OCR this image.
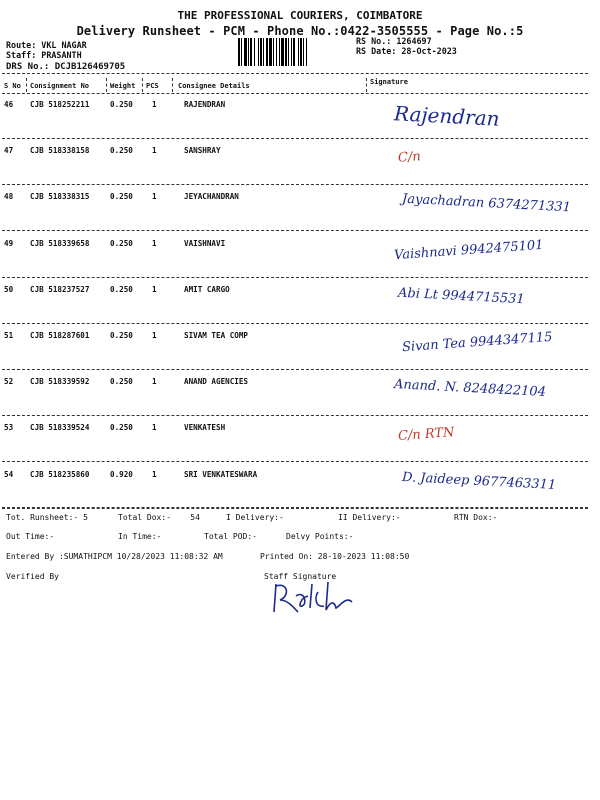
THE PROFESSIONAL COURIERS, COIMBATORE
Delivery Runsheet - PCM - Phone No.:0422-3505555 - Page No.:5
Route: VKL NAGAR
Staff: PRASANTH
DRS No.: DCJB126469705
RS No.: 1264697
RS Date: 28-Oct-2023
S No Consignment No	Weight PCS	Consignee Details	Signature
46 CJB 518252211	0.250	1	RAJENDRAN	Rajendran
47 CJB 518338158	0.250	1	SANSHRAY	C/n
48 CJB 518338315	0.250	1	JEYACHANDRAN	Jayachadran 6374271331
49 CJB 518339658	0.250	1	VAISHNAVI	Vaishnavi 9942475101
50 CJB 518237527	0.250	1	AMIT CARGO	Abi Lt 9944715531
51 CJB 518287601	0.250	1	SIVAM TEA COMP	Sivan Tea 9944347115
52 CJB 518339592	0.250	1	ANAND AGENCIES	Anand. N. 8248422104
53 CJB 518339524	0.250	1	VENKATESH	C/n RTN
54 CJB 518235860	0.920	1	SRI VENKATESWARA	D. Jaideep 9677463311
Tot. Runsheet:- 5	Total Dox:-    54	I Delivery:-	II Delivery:-	RTN Dox:-
Out Time:-	In Time:-	Total POD:-	Delvy Points:-
Entered By :SUMATHIPCM 10/28/2023 11:08:32 AM	Printed On: 28-10-2023 11:08:50
Verified By	Staff Signature
